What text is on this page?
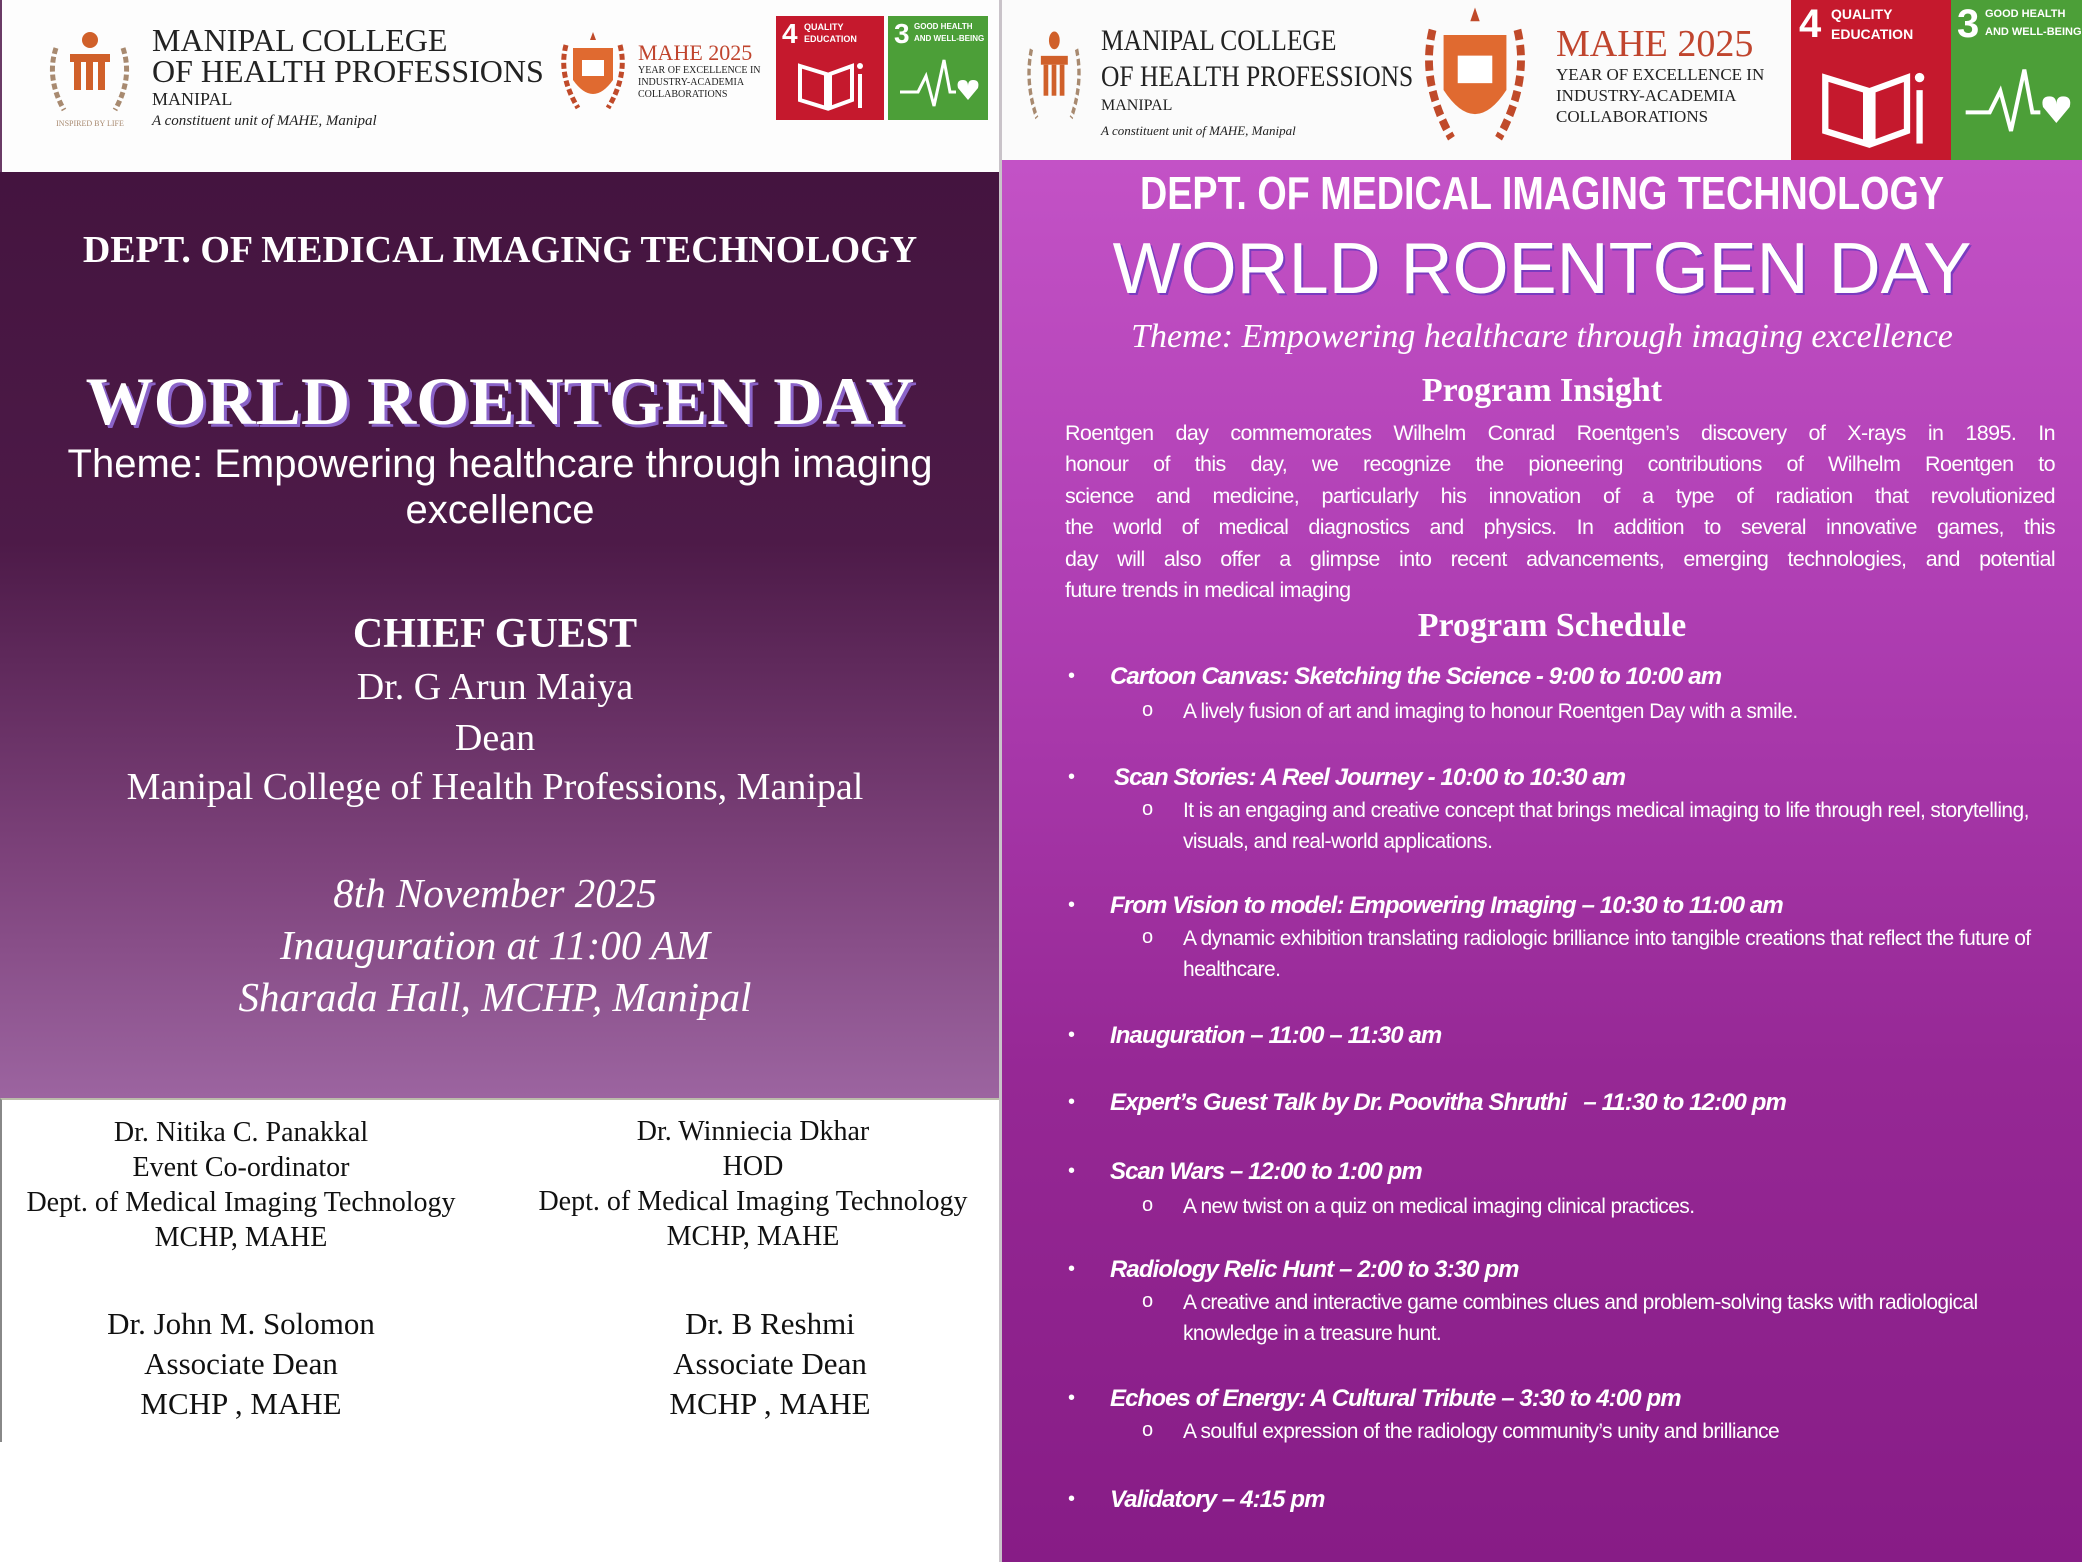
INSPIRED BY LIFE
MANIPAL COLLEGE
OF HEALTH PROFESSIONS
MANIPAL
A constituent unit of MAHE, Manipal
MAHE 2025
YEAR OF EXCELLENCE IN
INDUSTRY-ACADEMIA
COLLABORATIONS
4 QUALITY
EDUCATION 3 GOOD HEALTH
AND WELL-BEING
DEPT. OF MEDICAL IMAGING TECHNOLOGY
WORLD ROENTGEN DAY
Theme: Empowering healthcare through imaging
excellence
CHIEF GUEST
Dr. G Arun Maiya
Dean
Manipal College of Health Professions, Manipal
8th November 2025
Inauguration at 11:00 AM
Sharada Hall, MCHP, Manipal
Dr. Nitika C. Panakkal
Event Co-ordinator
Dept. of Medical Imaging Technology
MCHP, MAHE
Dr. Winniecia Dkhar
HOD
Dept. of Medical Imaging Technology
MCHP, MAHE
Dr. John M. Solomon
Associate Dean
MCHP , MAHE
Dr. B Reshmi
Associate Dean
MCHP , MAHE
MANIPAL COLLEGE
OF HEALTH PROFESSIONS
MANIPAL
A constituent unit of MAHE, Manipal
MAHE 2025
YEAR OF EXCELLENCE IN
INDUSTRY-ACADEMIA
COLLABORATIONS
4 QUALITY
EDUCATION 3 GOOD HEALTH
AND WELL-BEING
DEPT. OF MEDICAL IMAGING TECHNOLOGY
WORLD ROENTGEN DAY
Theme: Empowering healthcare through imaging excellence
Program Insight
Roentgen day commemorates Wilhelm Conrad Roentgen’s discovery of X-rays in 1895. In
honour of this day, we recognize the pioneering contributions of Wilhelm Roentgen to
science and medicine, particularly his innovation of a type of radiation that revolutionized
the world of medical diagnostics and physics. In addition to several innovative games, this
day will also offer a glimpse into recent advancements, emerging technologies, and potential
future trends in medical imaging
Program Schedule
• Cartoon Canvas: Sketching the Science - 9:00 to 10:00 am
o A lively fusion of art and imaging to honour Roentgen Day with a smile.
• Scan Stories: A Reel Journey - 10:00 to 10:30 am
o It is an engaging and creative concept that brings medical imaging to life through reel, storytelling, visuals, and real-world applications.
• From Vision to model: Empowering Imaging – 10:30 to 11:00 am
o A dynamic exhibition translating radiologic brilliance into tangible creations that reflect the future of healthcare.
• Inauguration – 11:00 – 11:30 am
• Expert’s Guest Talk by Dr. Poovitha Shruthi   – 11:30 to 12:00 pm
• Scan Wars – 12:00 to 1:00 pm
o A new twist on a quiz on medical imaging clinical practices.
• Radiology Relic Hunt – 2:00 to 3:30 pm
o A creative and interactive game combines clues and problem-solving tasks with radiological knowledge in a treasure hunt.
• Echoes of Energy: A Cultural Tribute – 3:30 to 4:00 pm
o A soulful expression of the radiology community’s unity and brilliance
• Validatory – 4:15 pm
